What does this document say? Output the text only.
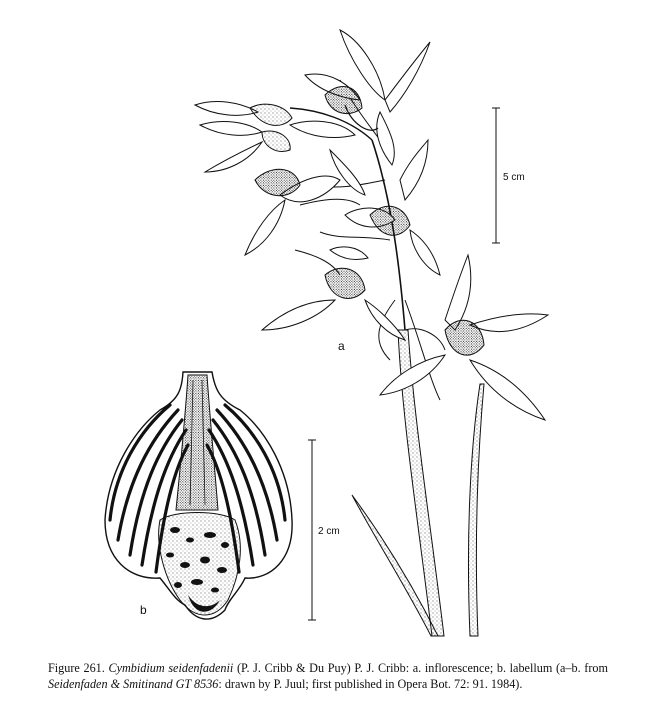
a
5 cm
b
2 cm
Figure 261. Cymbidium seidenfadenii (P. J. Cribb & Du Puy) P. J. Cribb: a. inflorescence; b. labellum (a–b. from Seidenfaden & Smitinand GT 8536: drawn by P. Juul; first published in Opera Bot. 72: 91. 1984).
